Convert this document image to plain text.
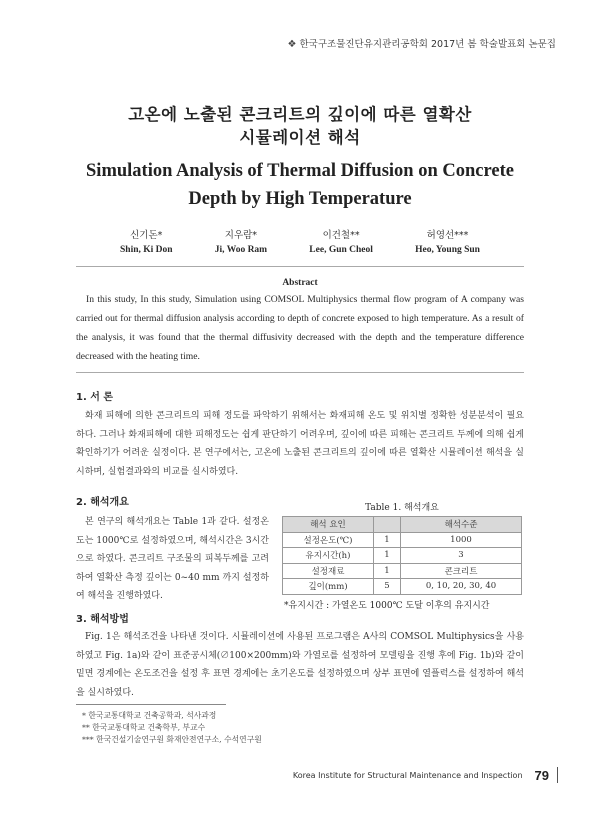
❖ 한국구조물진단유지관리공학회 2017년 봄 학술발표회 논문집
고온에 노출된 콘크리트의 깊이에 따른 열확산
시뮬레이션 해석
Simulation Analysis of Thermal Diffusion on Concrete
Depth by High Temperature
신기돈*
Shin, Ki Don
지우람*
Ji, Woo Ram
이건철**
Lee, Gun Cheol
허영선***
Heo, Young Sun
Abstract

In this study, In this study, Simulation using COMSOL Multiphysics thermal flow program of A company was carried out for thermal diffusion analysis according to depth of concrete exposed to high temperature. As a result of the analysis, it was found that the thermal diffusivity decreased with the depth and the temperature difference decreased with the heating time.

1. 서 론

화재 피해에 의한 콘크리트의 피해 정도를 파악하기 위해서는 화재피해 온도 및 위치별 정확한 성분분석이 필요하다. 그러나 화재피해에 대한 피해정도는 쉽게 판단하기 어려우며, 깊이에 따른 피해는 콘크리트 두께에 의해 쉽게 확인하기가 어려운 실정이다. 본 연구에서는, 고온에 노출된 콘크리트의 깊이에 따른 열확산 시뮬레이션 해석을 실시하며, 실험결과와의 비교를 실시하였다.

2. 해석개요

본 연구의 해석개요는 Table 1과 같다. 설정온도는 1000℃로 설정하였으며, 해석시간은 3시간으로 하였다. 콘크리트 구조물의 피복두께를 고려하여 열확산 측정 깊이는 0~40 mm 까지 설정하여 해석을 진행하였다.

Table 1. 해석개요
해석 요인		해석수준
설정온도(℃)	1	1000
유지시간(h)	1	3
설정재료	1	콘크리트
깊이(mm)	5	0, 10, 20, 30, 40
*유지시간 : 가열온도 1000℃ 도달 이후의 유지시간
3. 해석방법

Fig. 1은 해석조건을 나타낸 것이다. 시뮬레이션에 사용된 프로그램은 A사의 COMSOL Multiphysics을 사용하였고 Fig. 1a)와 같이 표준공시체(∅100×200mm)와 가열로를 설정하여 모델링을 진행 후에 Fig. 1b)와 같이 밑면 경계에는 온도조건을 설정 후 표면 경계에는 초기온도를 설정하였으며 상부 표면에 열플럭스를 설정하여 해석을 실시하였다.

* 한국교통대학교 건축공학과, 석사과정
** 한국교통대학교 건축학부, 부교수
*** 한국건설기술연구원 화재안전연구소, 수석연구원
Korea Institute for Structural Maintenance and Inspection 79
